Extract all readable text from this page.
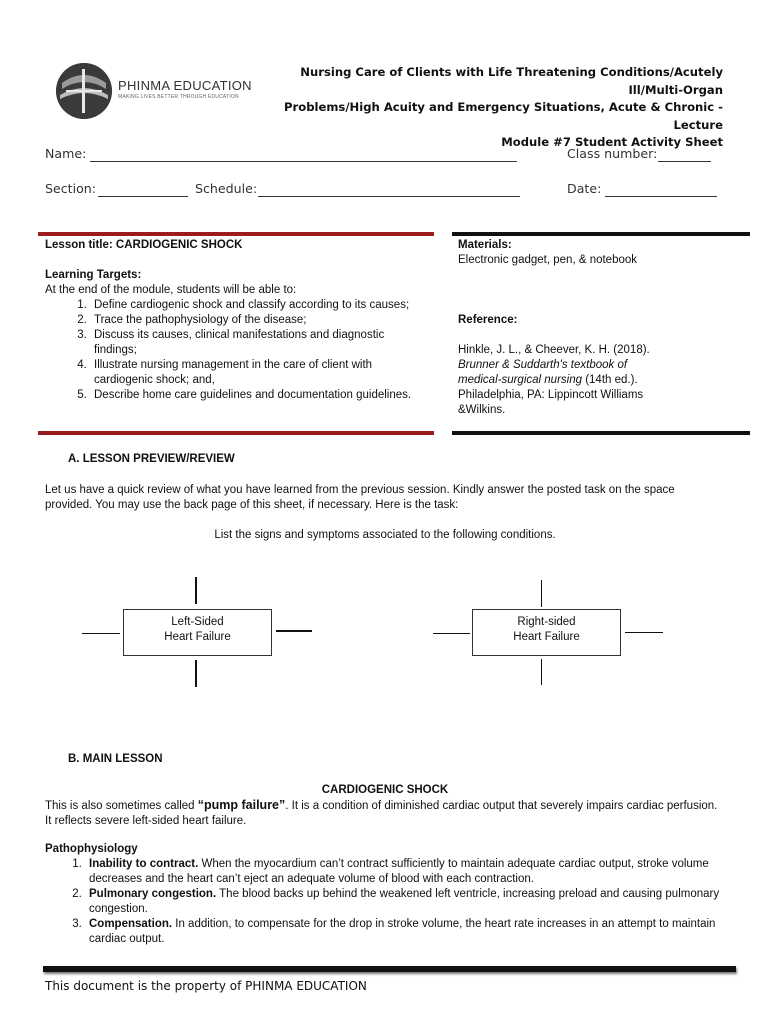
PHINMA EDUCATION
MAKING LIVES BETTER THROUGH EDUCATION
Nursing Care of Clients with Life Threatening Conditions/Acutely Ill/Multi-Organ
Problems/High Acuity and Emergency Situations, Acute & Chronic - Lecture
Module #7 Student Activity Sheet
Name:	Class number:
Section:	Schedule:	Date:
Lesson title: CARDIOGENIC SHOCK
Learning Targets:
At the end of the module, students will be able to:
1. Define cardiogenic shock and classify according to its causes;
2. Trace the pathophysiology of the disease;
3. Discuss its causes, clinical manifestations and diagnostic findings;
4. Illustrate nursing management in the care of client with cardiogenic shock; and,
5. Describe home care guidelines and documentation guidelines.
Materials:
Electronic gadget, pen, & notebook
Reference:
Hinkle, J. L., & Cheever, K. H. (2018).
Brunner & Suddarth's textbook of medical-surgical nursing (14th ed.).
Philadelphia, PA: Lippincott Williams &Wilkins.
A. LESSON PREVIEW/REVIEW
Let us have a quick review of what you have learned from the previous session. Kindly answer the posted task on the space provided. You may use the back page of this sheet, if necessary. Here is the task:
List the signs and symptoms associated to the following conditions.
Left-Sided
Heart Failure
Right-sided
Heart Failure
B. MAIN LESSON
CARDIOGENIC SHOCK
This is also sometimes called “pump failure”. It is a condition of diminished cardiac output that severely impairs cardiac perfusion. It reflects severe left-sided heart failure.
Pathophysiology
1. Inability to contract. When the myocardium can’t contract sufficiently to maintain adequate cardiac output, stroke volume decreases and the heart can’t eject an adequate volume of blood with each contraction.
2. Pulmonary congestion. The blood backs up behind the weakened left ventricle, increasing preload and causing pulmonary congestion.
3. Compensation. In addition, to compensate for the drop in stroke volume, the heart rate increases in an attempt to maintain cardiac output.
This document is the property of PHINMA EDUCATION
